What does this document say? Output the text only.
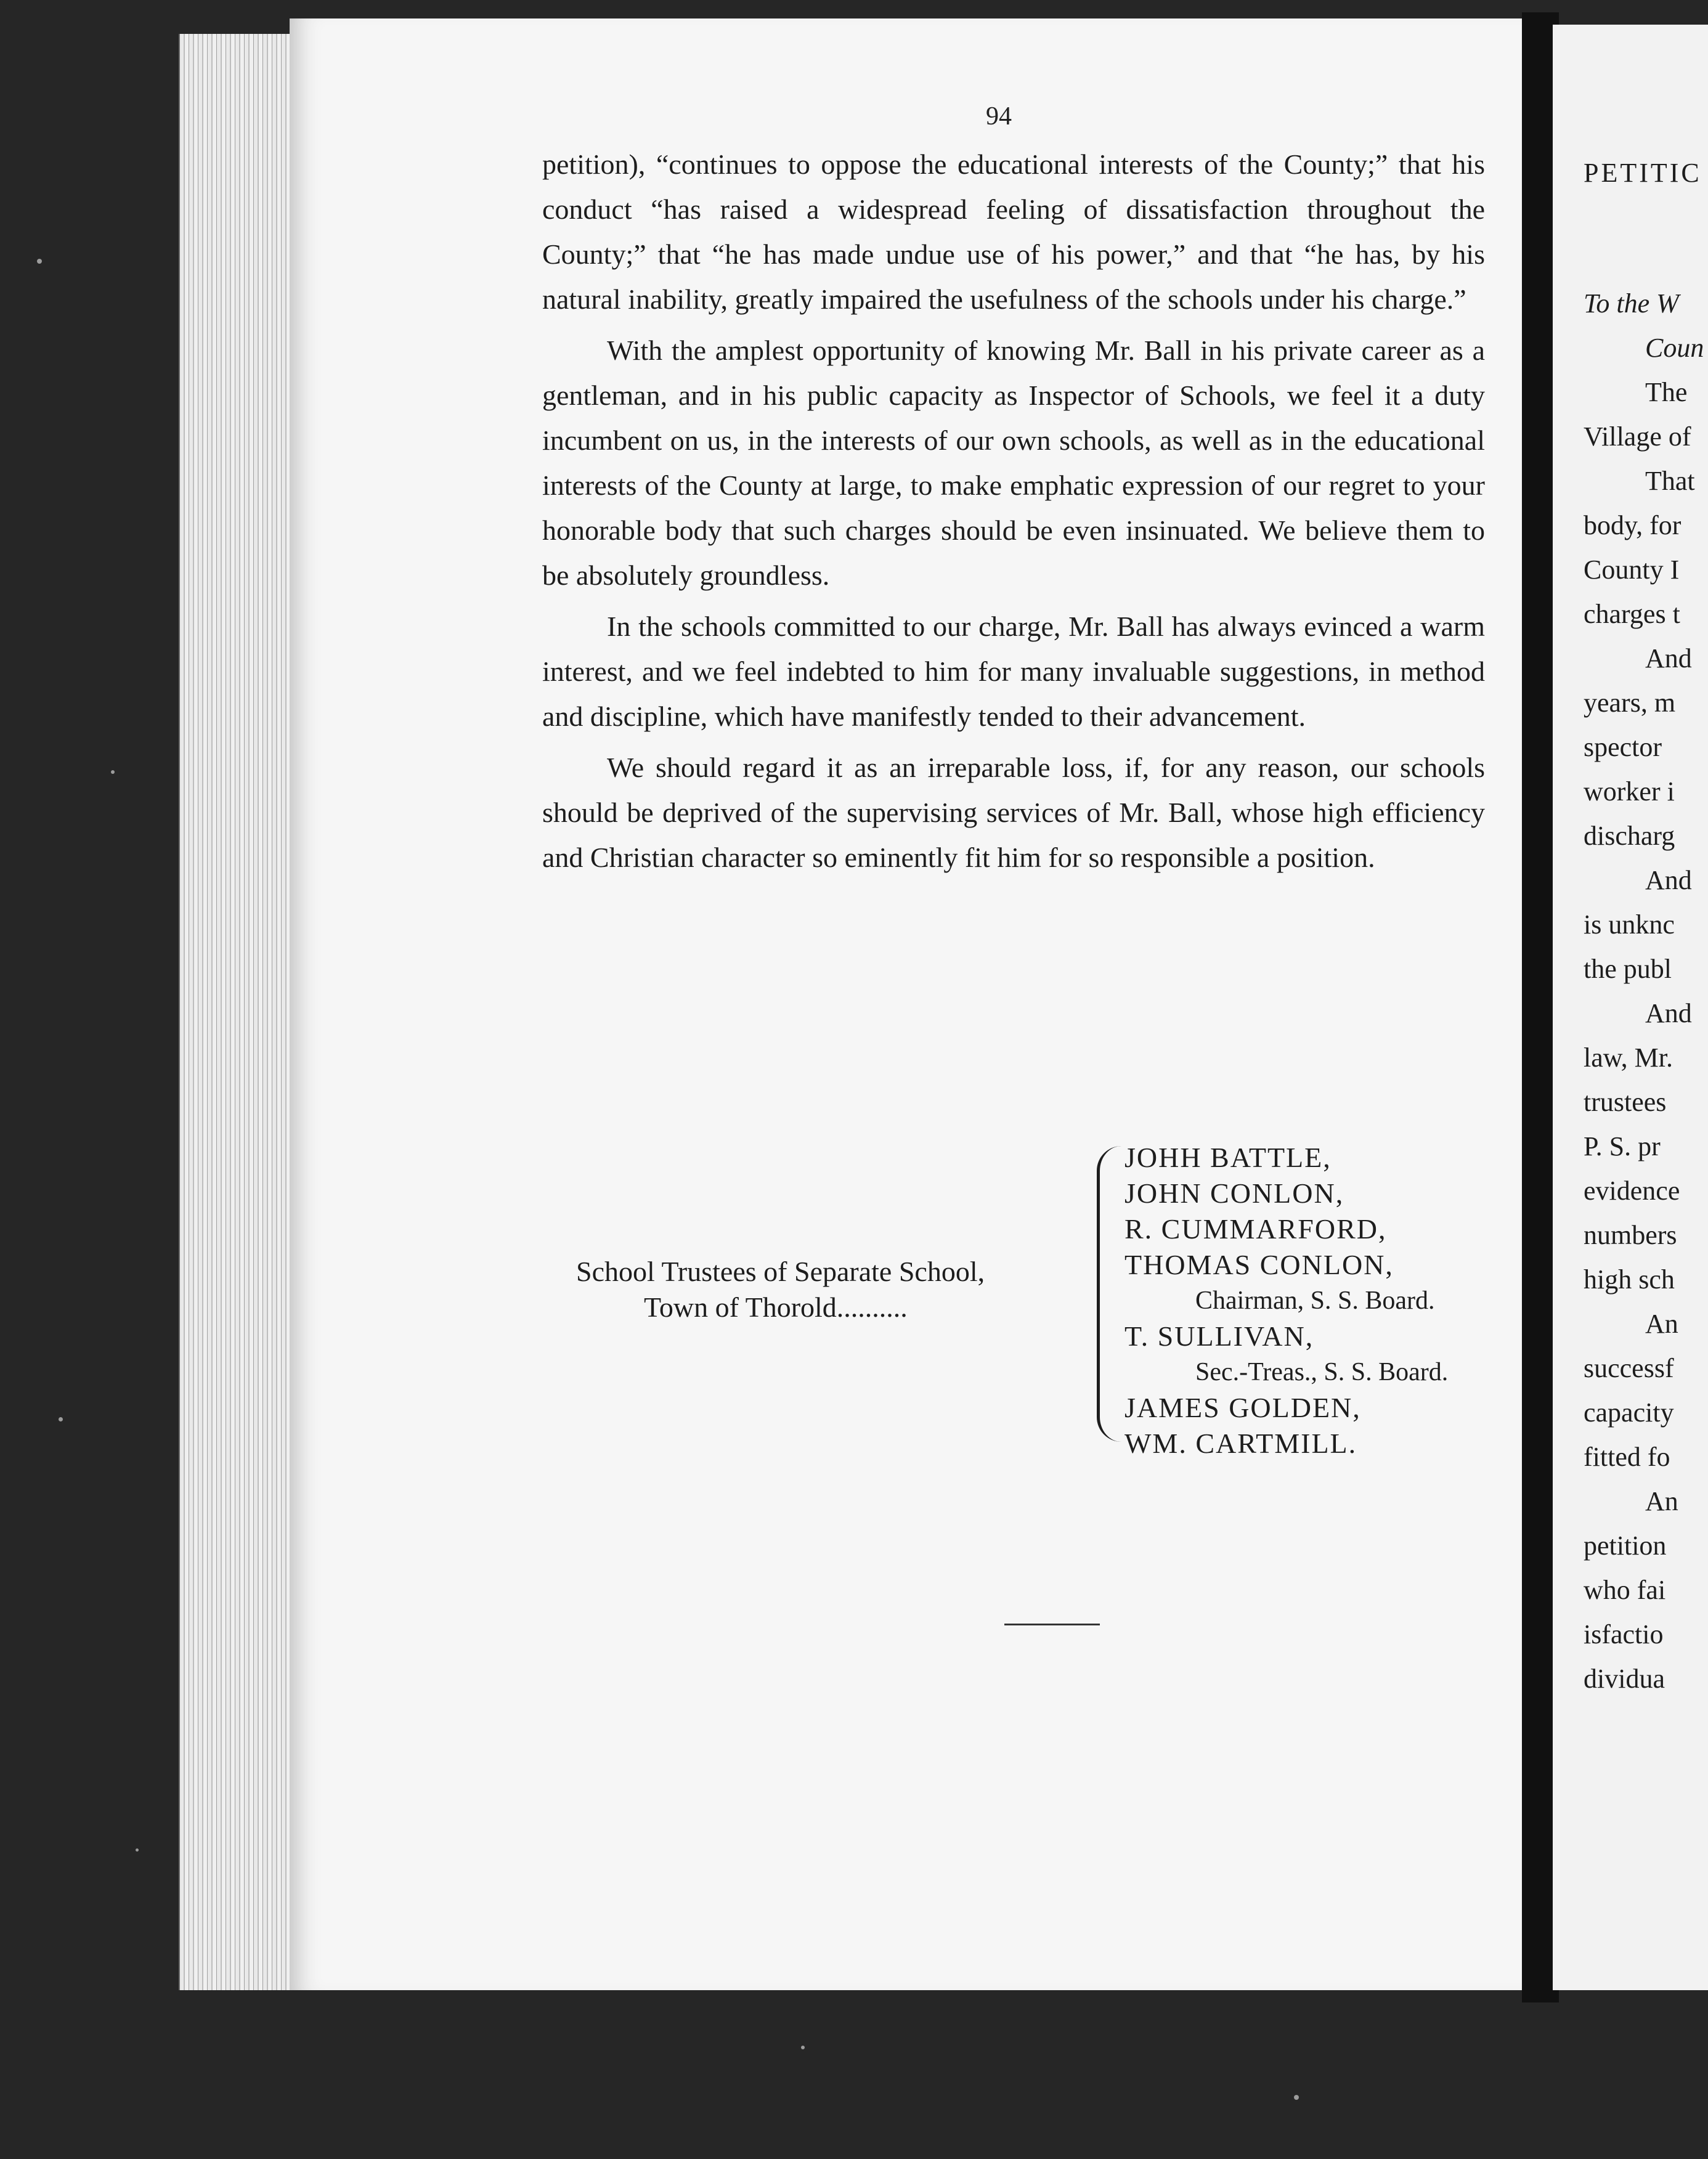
94

petition), “continues to oppose the educational interests of the County;” that his conduct “has raised a widespread feeling of dissatisfaction throughout the County;” that “he has made undue use of his power,” and that “he has, by his natural inability, greatly impaired the usefulness of the schools under his charge.”

With the amplest opportunity of knowing Mr. Ball in his private career as a gentleman, and in his public capacity as Inspector of Schools, we feel it a duty incumbent on us, in the interests of our own schools, as well as in the educational interests of the County at large, to make emphatic expression of our regret to your honorable body that such charges should be even insinuated. We believe them to be absolutely groundless.

In the schools committed to our charge, Mr. Ball has always evinced a warm interest, and we feel indebted to him for many invaluable suggestions, in method and discipline, which have manifestly tended to their advancement.

We should regard it as an irreparable loss, if, for any reason, our schools should be deprived of the supervising services of Mr. Ball, whose high efficiency and Christian character so eminently fit him for so responsible a position.

School Trustees of Separate School,
Town of Thorold..........
JOHH BATTLE,
JOHN CONLON,
R. CUMMARFORD,
THOMAS CONLON,
Chairman, S. S. Board.
T. SULLIVAN,
Sec.-Treas., S. S. Board.
JAMES GOLDEN,
WM. CARTMILL.
PETITIC
To the W
Coun
The
Village of
That
body, for
County I
charges t
And
years, m
spector
worker i
discharg
And
is unknc
the publ
And
law, Mr.
trustees
P. S. pr
evidence
numbers
high sch
An
successf
capacity
fitted fo
An
petition
who fai
isfactio
dividua
